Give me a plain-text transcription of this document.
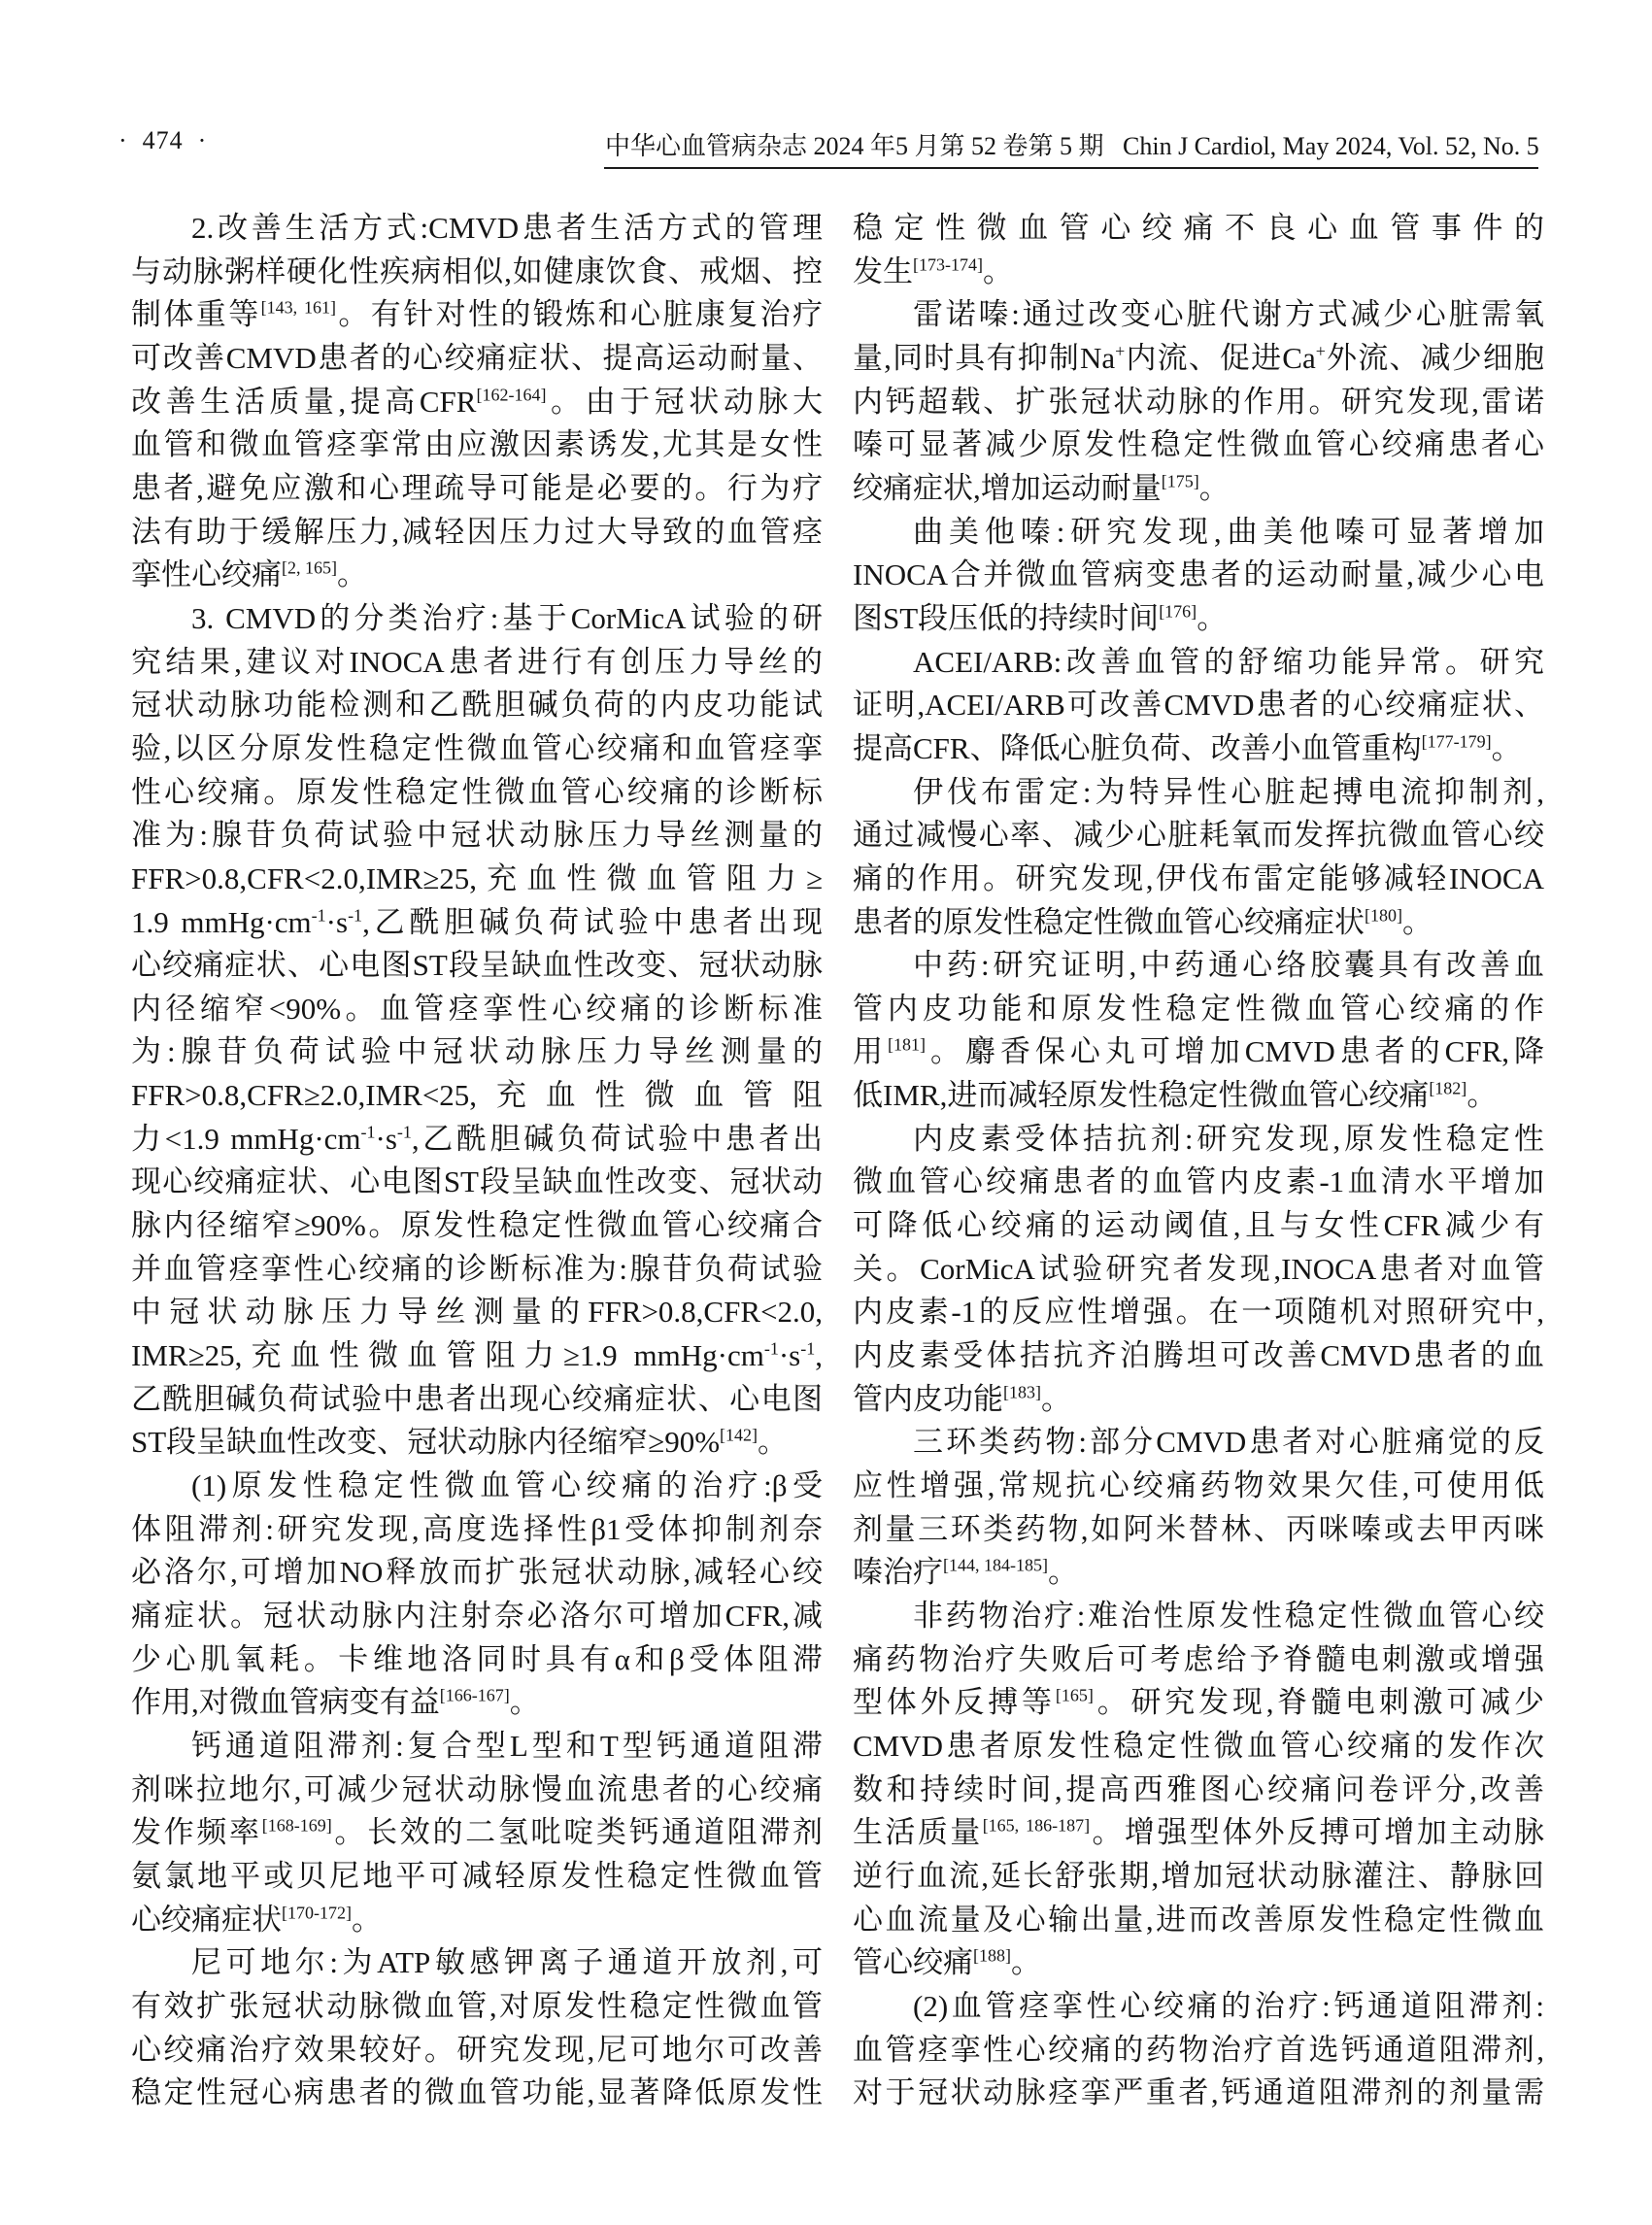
·  474  ·	中华心血管病杂志 2024 年5 月第 52 卷第 5 期   Chin J Cardiol, May 2024, Vol. 52, No. 5
2.改善生活方式:CMVD患者生活方式的管理
与动脉粥样硬化性疾病相似,如健康饮食、戒烟、控
制体重等[143, 161]。有针对性的锻炼和心脏康复治疗
可改善CMVD患者的心绞痛症状、提高运动耐量、
改善生活质量,提高CFR[162-164]。由于冠状动脉大
血管和微血管痉挛常由应激因素诱发,尤其是女性
患者,避免应激和心理疏导可能是必要的。行为疗
法有助于缓解压力,减轻因压力过大导致的血管痉
挛性心绞痛[2, 165]。
3. CMVD的分类治疗:基于CorMicA试验的研
究结果,建议对INOCA患者进行有创压力导丝的
冠状动脉功能检测和乙酰胆碱负荷的内皮功能试
验,以区分原发性稳定性微血管心绞痛和血管痉挛
性心绞痛。原发性稳定性微血管心绞痛的诊断标
准为:腺苷负荷试验中冠状动脉压力导丝测量的
FFR>0.8,CFR<2.0,IMR≥25,充血性微血管阻力≥
1.9 $mmHg\cdot cm^{-1}\cdot s^{-1}$,乙酰胆碱负荷试验中患者出现
心绞痛症状、心电图ST段呈缺血性改变、冠状动脉
内径缩窄<90%。血管痉挛性心绞痛的诊断标准
为:腺苷负荷试验中冠状动脉压力导丝测量的
FFR>0.8,CFR≥2.0,IMR<25,充血性微血管阻
力<1.9 $mmHg\cdot cm^{-1}\cdot s^{-1}$,乙酰胆碱负荷试验中患者出
现心绞痛症状、心电图ST段呈缺血性改变、冠状动
脉内径缩窄≥90%。原发性稳定性微血管心绞痛合
并血管痉挛性心绞痛的诊断标准为:腺苷负荷试验
中冠状动脉压力导丝测量的FFR>0.8,CFR<2.0,
IMR≥25,充血性微血管阻力≥1.9 $mmHg\cdot cm^{-1}\cdot s^{-1}$,
乙酰胆碱负荷试验中患者出现心绞痛症状、心电图
ST段呈缺血性改变、冠状动脉内径缩窄≥90%[142]。
(1)原发性稳定性微血管心绞痛的治疗:β受
体阻滞剂:研究发现,高度选择性β1受体抑制剂奈
必洛尔,可增加NO释放而扩张冠状动脉,减轻心绞
痛症状。冠状动脉内注射奈必洛尔可增加CFR,减
少心肌氧耗。卡维地洛同时具有α和β受体阻滞
作用,对微血管病变有益[166-167]。
钙通道阻滞剂:复合型L型和T型钙通道阻滞
剂咪拉地尔,可减少冠状动脉慢血流患者的心绞痛
发作频率[168-169]。长效的二氢吡啶类钙通道阻滞剂
氨氯地平或贝尼地平可减轻原发性稳定性微血管
心绞痛症状[170-172]。
尼可地尔:为ATP敏感钾离子通道开放剂,可
有效扩张冠状动脉微血管,对原发性稳定性微血管
心绞痛治疗效果较好。研究发现,尼可地尔可改善
稳定性冠心病患者的微血管功能,显著降低原发性
稳定性微血管心绞痛不良心血管事件的
发生[173-174]。
雷诺嗪:通过改变心脏代谢方式减少心脏需氧
量,同时具有抑制Na+内流、促进Ca+外流、减少细胞
内钙超载、扩张冠状动脉的作用。研究发现,雷诺
嗪可显著减少原发性稳定性微血管心绞痛患者心
绞痛症状,增加运动耐量[175]。
曲美他嗪:研究发现,曲美他嗪可显著增加
INOCA合并微血管病变患者的运动耐量,减少心电
图ST段压低的持续时间[176]。
ACEI/ARB:改善血管的舒缩功能异常。研究
证明,ACEI/ARB可改善CMVD患者的心绞痛症状、
提高CFR、降低心脏负荷、改善小血管重构[177-179]。
伊伐布雷定:为特异性心脏起搏电流抑制剂,
通过减慢心率、减少心脏耗氧而发挥抗微血管心绞
痛的作用。研究发现,伊伐布雷定能够减轻INOCA
患者的原发性稳定性微血管心绞痛症状[180]。
中药:研究证明,中药通心络胶囊具有改善血
管内皮功能和原发性稳定性微血管心绞痛的作
用[181]。麝香保心丸可增加CMVD患者的CFR,降
低IMR,进而减轻原发性稳定性微血管心绞痛[182]。
内皮素受体拮抗剂:研究发现,原发性稳定性
微血管心绞痛患者的血管内皮素-1血清水平增加
可降低心绞痛的运动阈值,且与女性CFR减少有
关。CorMicA试验研究者发现,INOCA患者对血管
内皮素-1的反应性增强。在一项随机对照研究中,
内皮素受体拮抗齐泊腾坦可改善CMVD患者的血
管内皮功能[183]。
三环类药物:部分CMVD患者对心脏痛觉的反
应性增强,常规抗心绞痛药物效果欠佳,可使用低
剂量三环类药物,如阿米替林、丙咪嗪或去甲丙咪
嗪治疗[144, 184-185]。
非药物治疗:难治性原发性稳定性微血管心绞
痛药物治疗失败后可考虑给予脊髓电刺激或增强
型体外反搏等[165]。研究发现,脊髓电刺激可减少
CMVD患者原发性稳定性微血管心绞痛的发作次
数和持续时间,提高西雅图心绞痛问卷评分,改善
生活质量[165, 186-187]。增强型体外反搏可增加主动脉
逆行血流,延长舒张期,增加冠状动脉灌注、静脉回
心血流量及心输出量,进而改善原发性稳定性微血
管心绞痛[188]。
(2)血管痉挛性心绞痛的治疗:钙通道阻滞剂:
血管痉挛性心绞痛的药物治疗首选钙通道阻滞剂,
对于冠状动脉痉挛严重者,钙通道阻滞剂的剂量需
